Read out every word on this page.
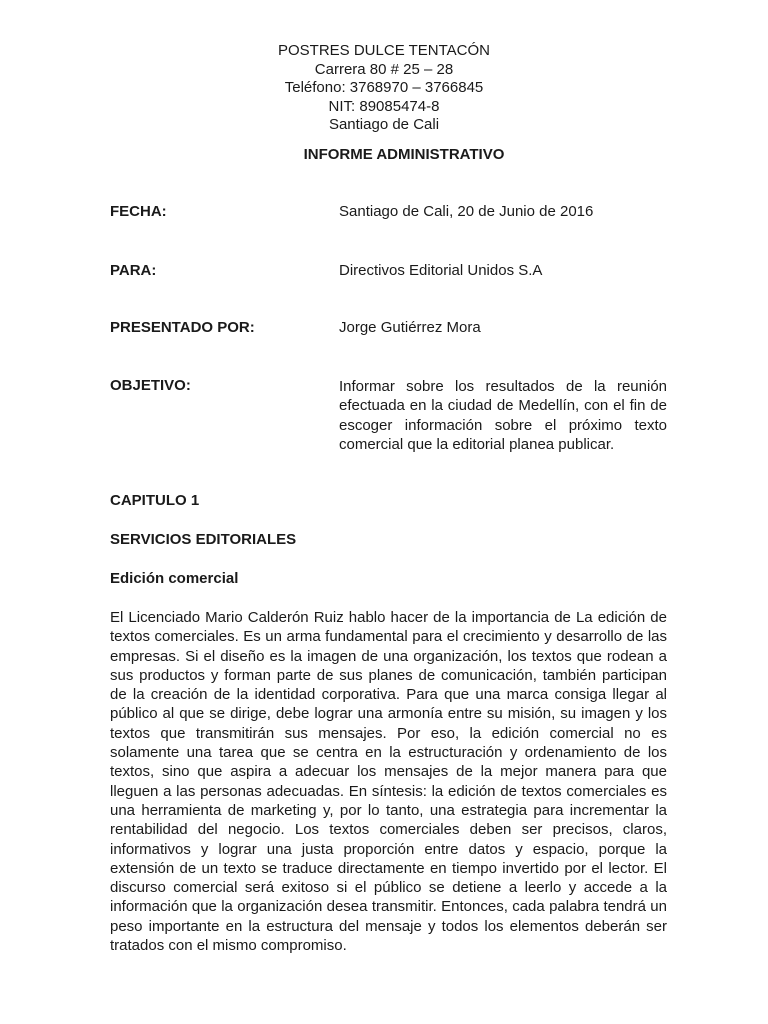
POSTRES DULCE TENTACÓN
Carrera 80 # 25 – 28
Teléfono: 3768970 – 3766845
NIT: 89085474-8
Santiago de Cali
INFORME ADMINISTRATIVO
FECHA:	Santiago de Cali, 20 de Junio de 2016
PARA:	Directivos Editorial Unidos S.A
PRESENTADO POR:	Jorge Gutiérrez Mora
OBJETIVO:	Informar sobre los resultados de la reunión efectuada en la ciudad de Medellín, con el fin de escoger información sobre el próximo texto comercial que la editorial planea publicar.
CAPITULO 1
SERVICIOS EDITORIALES
Edición comercial
El Licenciado Mario Calderón Ruiz hablo hacer de la importancia de La edición de textos comerciales. Es un arma fundamental para el crecimiento y desarrollo de las empresas. Si el diseño es la imagen de una organización, los textos que rodean a sus productos y forman parte de sus planes de comunicación, también participan de la creación de la identidad corporativa. Para que una marca consiga llegar al público al que se dirige, debe lograr una armonía entre su misión, su imagen y los textos que transmitirán sus mensajes. Por eso, la edición comercial no es solamente una tarea que se centra en la estructuración y ordenamiento de los textos, sino que aspira a adecuar los mensajes de la mejor manera para que lleguen a las personas adecuadas. En síntesis: la edición de textos comerciales es una herramienta de marketing y, por lo tanto, una estrategia para incrementar la rentabilidad del negocio. Los textos comerciales deben ser precisos, claros, informativos y lograr una justa proporción entre datos y espacio, porque la extensión de un texto se traduce directamente en tiempo invertido por el lector. El discurso comercial será exitoso si el público se detiene a leerlo y accede a la información que la organización desea transmitir. Entonces, cada palabra tendrá un peso importante en la estructura del mensaje y todos los elementos deberán ser tratados con el mismo compromiso.
